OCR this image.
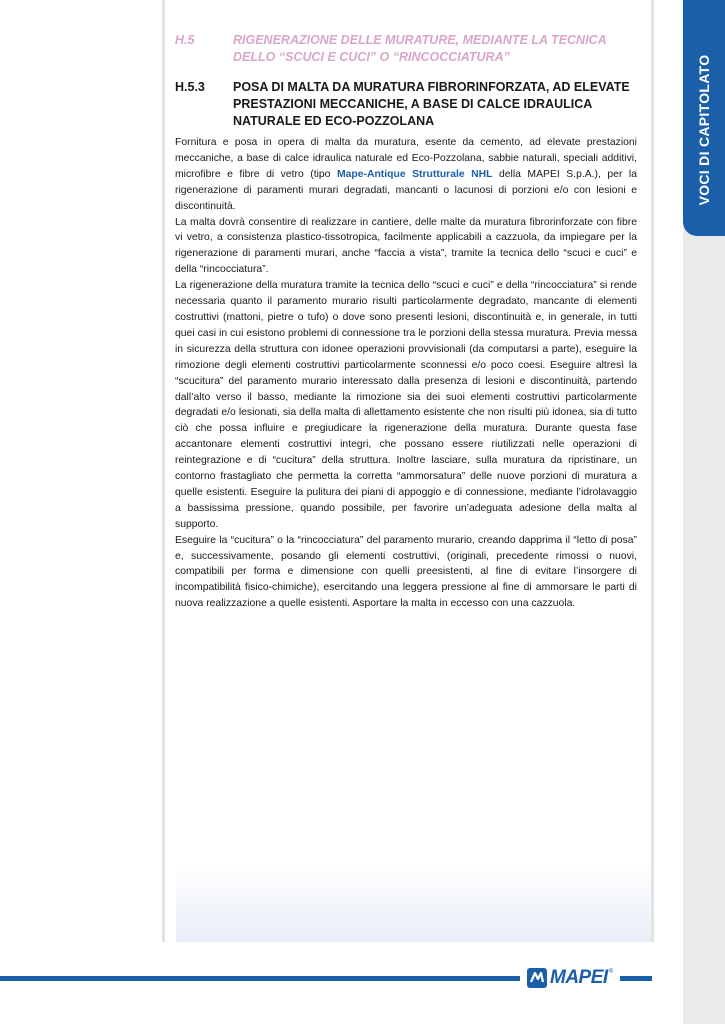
VOCI DI CAPITOLATO
H.5	RIGENERAZIONE DELLE MURATURE, MEDIANTE LA TECNICA DELLO “SCUCI E CUCI” O “RINCOCCIATURA”
H.5.3 POSA DI MALTA DA MURATURA FIBRORINFORZATA, AD ELEVATE PRESTAZIONI MECCANICHE, A BASE DI CALCE IDRAULICA NATURALE ED ECO-POZZOLANA

Fornitura e posa in opera di malta da muratura, esente da cemento, ad elevate prestazioni meccaniche, a base di calce idraulica naturale ed Eco-Pozzolana, sabbie naturali, speciali additivi, microfibre e fibre di vetro (tipo Mape-Antique Strutturale NHL della MAPEI S.p.A.), per la rigenerazione di paramenti murari degradati, mancanti o lacunosi di porzioni e/o con lesioni e discontinuità.

La malta dovrà consentire di realizzare in cantiere, delle malte da muratura fibrorinforzate con fibre vi vetro, a consistenza plastico-tissotropica, facilmente applicabili a cazzuola, da impiegare per la rigenerazione di paramenti murari, anche “faccia a vista”, tramite la tecnica dello “scuci e cuci” e della “rincocciatura”.

La rigenerazione della muratura tramite la tecnica dello “scuci e cuci” e della “rincocciatura” si rende necessaria quanto il paramento murario risulti particolarmente degradato, mancante di elementi costruttivi (mattoni, pietre o tufo) o dove sono presenti lesioni, discontinuità e, in generale, in tutti quei casi in cui esistono problemi di connessione tra le porzioni della stessa muratura. Previa messa in sicurezza della struttura con idonee operazioni provvisionali (da computarsi a parte), eseguire la rimozione degli elementi costruttivi particolarmente sconnessi e/o poco coesi. Eseguire altresì la “scucitura” del paramento murario interessato dalla presenza di lesioni e discontinuità, partendo dall’alto verso il basso, mediante la rimozione sia dei suoi elementi costruttivi particolarmente degradati e/o lesionati, sia della malta di allettamento esistente che non risulti più idonea, sia di tutto ciò che possa influire e pregiudicare la rigenerazione della muratura. Durante questa fase accantonare elementi costruttivi integri, che possano essere riutilizzati nelle operazioni di reintegrazione e di “cucitura” della struttura. Inoltre lasciare, sulla muratura da ripristinare, un contorno frastagliato che permetta la corretta “ammorsatura” delle nuove porzioni di muratura a quelle esistenti. Eseguire la pulitura dei piani di appoggio e di connessione, mediante l’idrolavaggio a bassissima pressione, quando possibile, per favorire un’adeguata adesione della malta al supporto.

Eseguire la “cucitura” o la “rincocciatura” del paramento murario, creando dapprima il “letto di posa” e, successivamente, posando gli elementi costruttivi, (originali, precedente rimossi o nuovi, compatibili per forma e dimensione con quelli preesistenti, al fine di evitare l’insorgere di incompatibilità fisico-chimiche), esercitando una leggera pressione al fine di ammorsare le parti di nuova realizzazione a quelle esistenti. Asportare la malta in eccesso con una cazzuola.

MAPEI ®
